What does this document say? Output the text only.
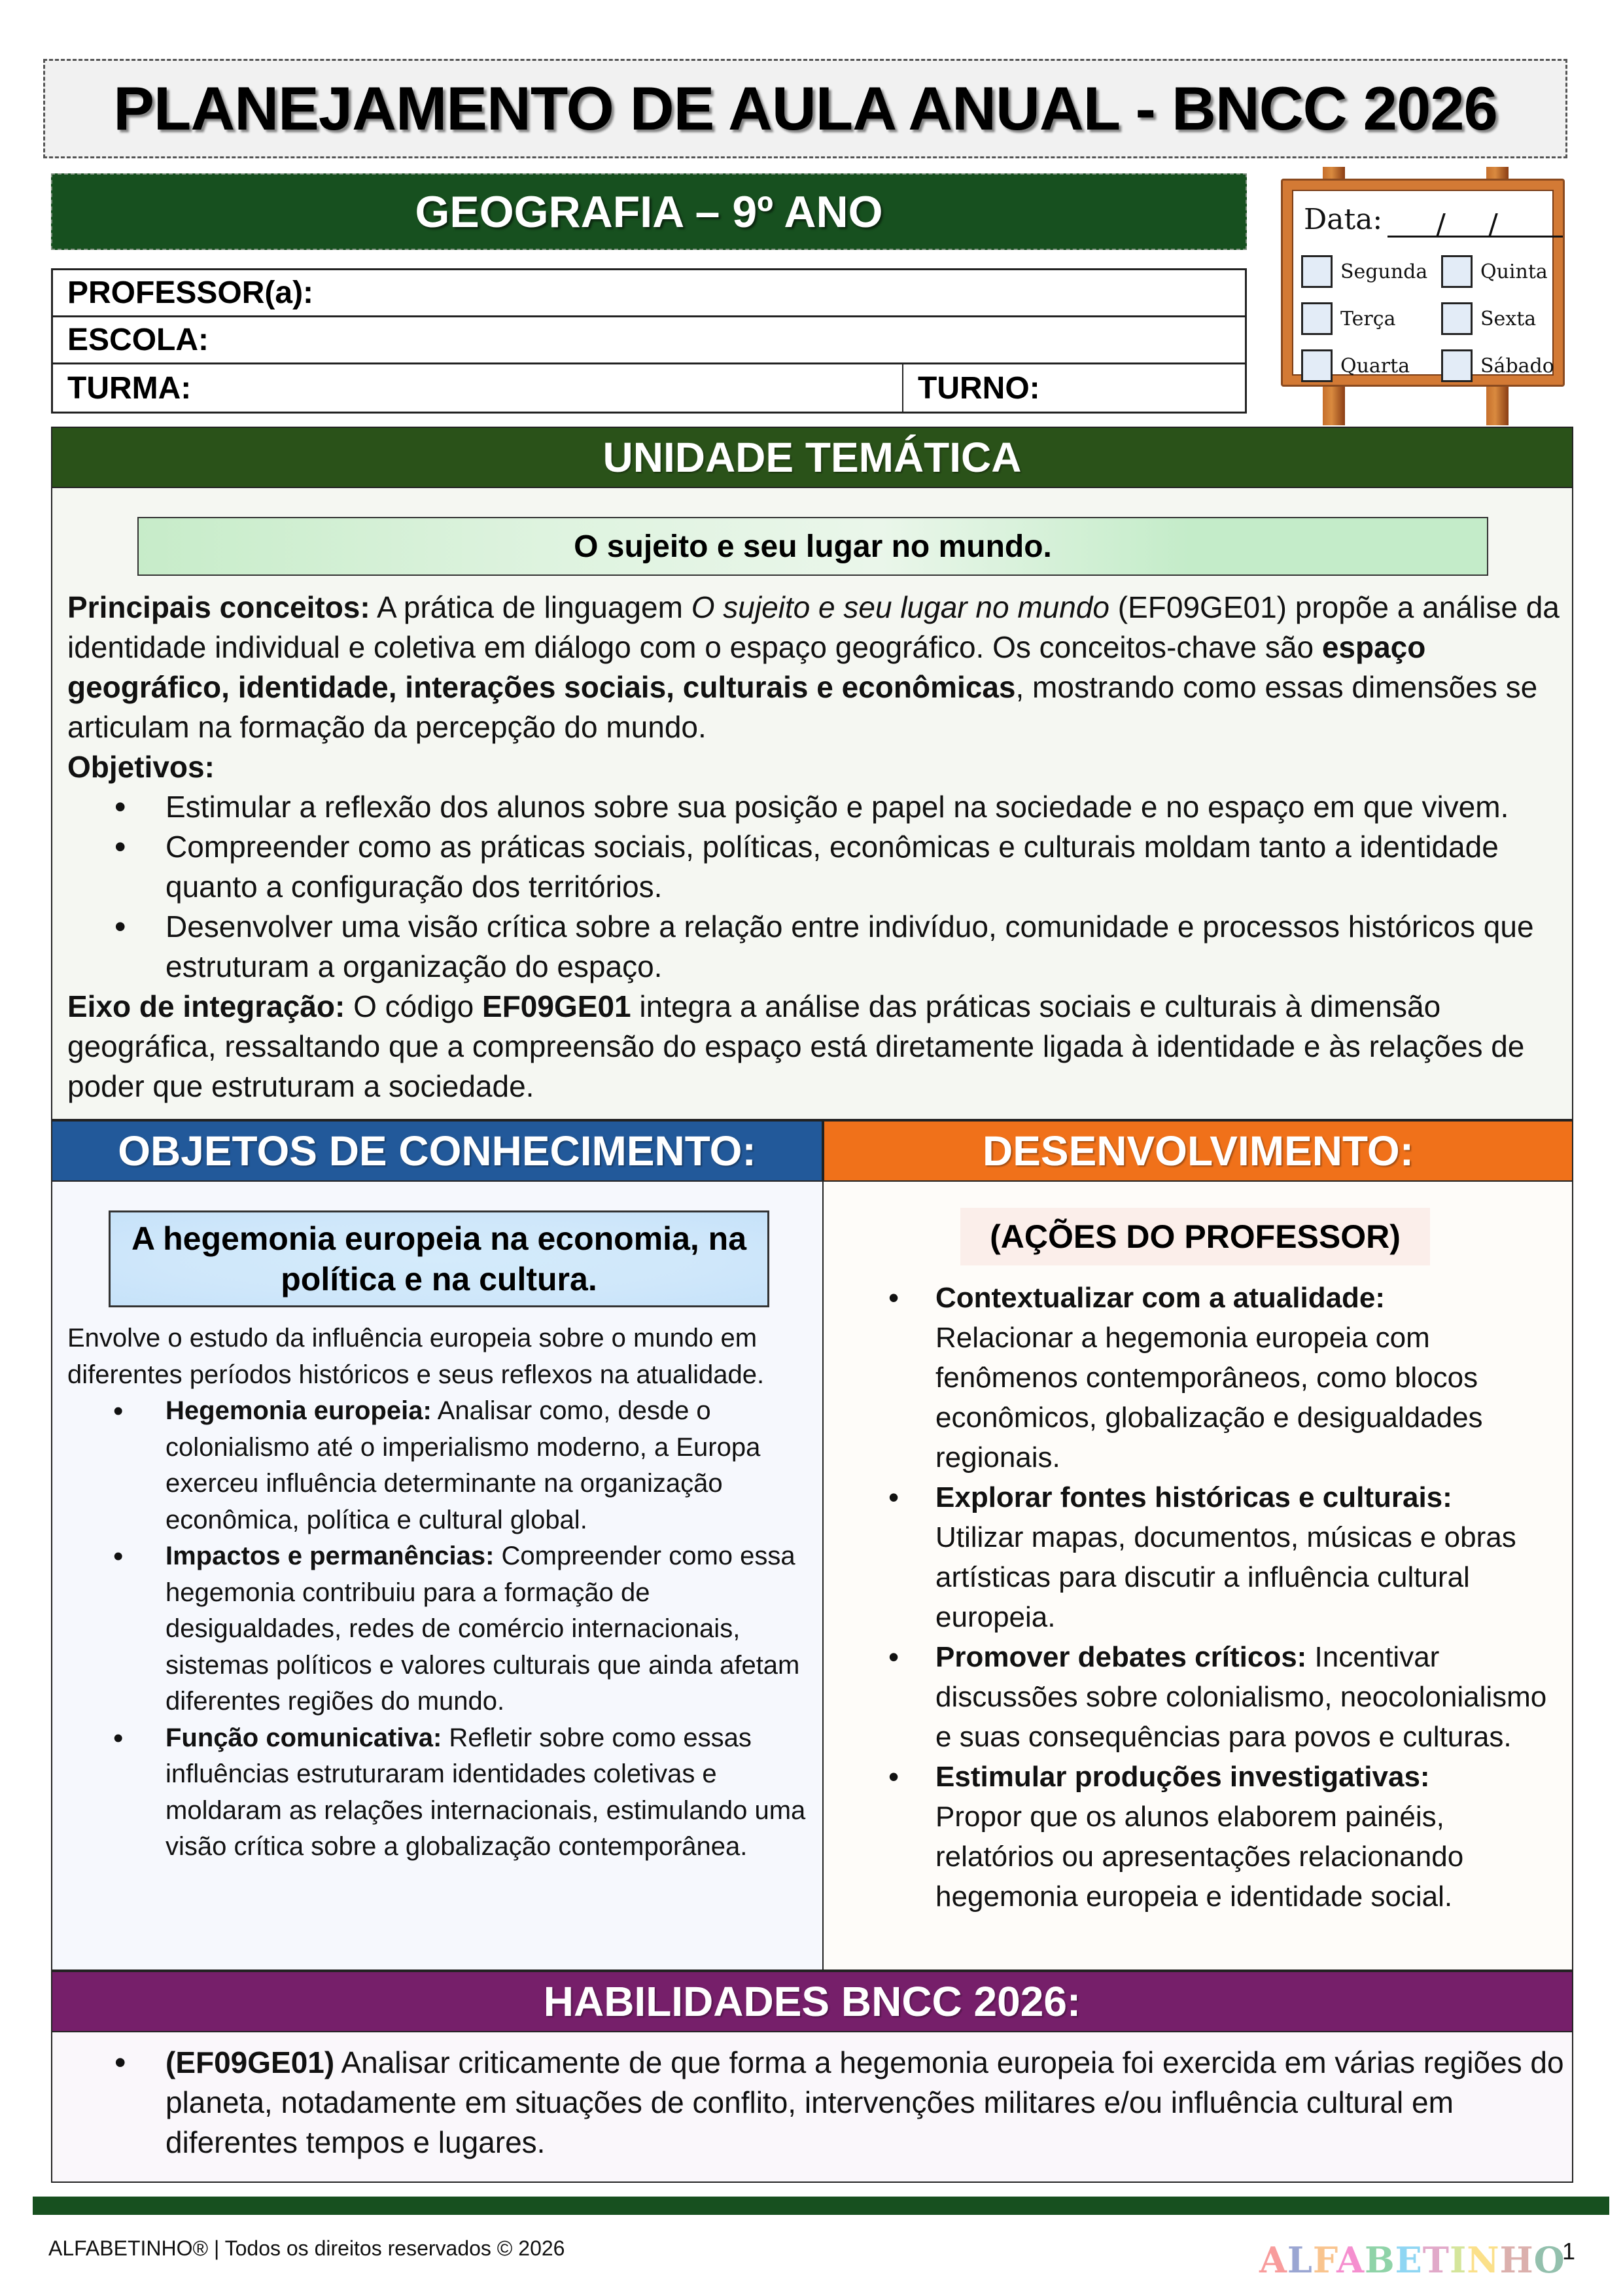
PLANEJAMENTO DE AULA ANUAL - BNCC 2026
GEOGRAFIA – 9º ANO
PROFESSOR(a):
ESCOLA:
TURMA:	TURNO:
Data: / /
Segunda	Quinta
Terça	Sexta
Quarta	Sábado
UNIDADE TEMÁTICA
O sujeito e seu lugar no mundo.

Principais conceitos: A prática de linguagem O sujeito e seu lugar no mundo (EF09GE01) propõe a análise da identidade individual e coletiva em diálogo com o espaço geográfico. Os conceitos-chave são espaço geográfico, identidade, interações sociais, culturais e econômicas, mostrando como essas dimensões se articulam na formação da percepção do mundo.

Objetivos:

• Estimular a reflexão dos alunos sobre sua posição e papel na sociedade e no espaço em que vivem.
• Compreender como as práticas sociais, políticas, econômicas e culturais moldam tanto a identidade quanto a configuração dos territórios.
• Desenvolver uma visão crítica sobre a relação entre indivíduo, comunidade e processos históricos que estruturam a organização do espaço.

Eixo de integração: O código EF09GE01 integra a análise das práticas sociais e culturais à dimensão geográfica, ressaltando que a compreensão do espaço está diretamente ligada à identidade e às relações de poder que estruturam a sociedade.

OBJETOS DE CONHECIMENTO:
A hegemonia europeia na economia, na política e na cultura.

Envolve o estudo da influência europeia sobre o mundo em diferentes períodos históricos e seus reflexos na atualidade.

• Hegemonia europeia: Analisar como, desde o colonialismo até o imperialismo moderno, a Europa exerceu influência determinante na organização econômica, política e cultural global.
• Impactos e permanências: Compreender como essa hegemonia contribuiu para a formação de desigualdades, redes de comércio internacionais, sistemas políticos e valores culturais que ainda afetam diferentes regiões do mundo.
• Função comunicativa: Refletir sobre como essas influências estruturaram identidades coletivas e moldaram as relações internacionais, estimulando uma visão crítica sobre a globalização contemporânea.
DESENVOLVIMENTO:
(AÇÕES DO PROFESSOR)
• Contextualizar com a atualidade:
Relacionar a hegemonia europeia com fenômenos contemporâneos, como blocos econômicos, globalização e desigualdades regionais.
• Explorar fontes históricas e culturais:
Utilizar mapas, documentos, músicas e obras artísticas para discutir a influência cultural europeia.
• Promover debates críticos: Incentivar discussões sobre colonialismo, neocolonialismo e suas consequências para povos e culturas.
• Estimular produções investigativas:
Propor que os alunos elaborem painéis, relatórios ou apresentações relacionando hegemonia europeia e identidade social.
HABILIDADES BNCC 2026:
• (EF09GE01) Analisar criticamente de que forma a hegemonia europeia foi exercida em várias regiões do planeta, notadamente em situações de conflito, intervenções militares e/ou influência cultural em diferentes tempos e lugares.
ALFABETINHO® | Todos os direitos reservados © 2026	ALFABETINHO
1
